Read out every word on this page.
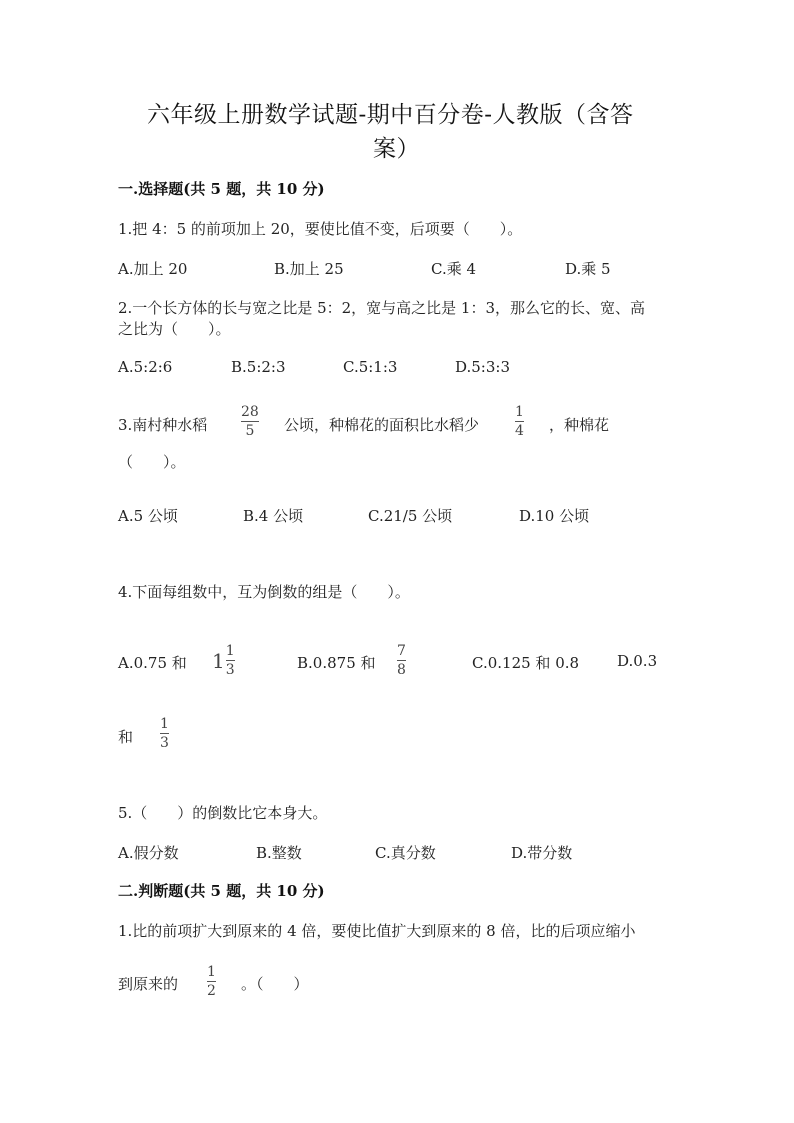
六年级上册数学试题-期中百分卷-人教版（含答
案）
一.选择题(共 5 题，共 10 分)
1.把 4：5 的前项加上 20，要使比值不变，后项要（　　）。
A.加上 20	B.加上 25	C.乘 4	D.乘 5
2.一个长方体的长与宽之比是 5：2，宽与高之比是 1：3，那么它的长、宽、高
之比为（　　）。
A.5:2:6	B.5:2:3	C.5:1:3	D.5:3:3
3.南村种水稻
28
5 公顷，种棉花的面积比水稻少
1
4 ，种棉花
（　　）。
A.5 公顷	B.4 公顷	C.21/5 公顷	D.10 公顷
4.下面每组数中，互为倒数的组是（　　）。
A.0.75 和 $1 \frac{1}{3}$	B.0.875 和
7
8	C.0.125 和 0.8	D.0.3
和
1
3
5.（　　）的倒数比它本身大。
A.假分数	B.整数	C.真分数	D.带分数
二.判断题(共 5 题，共 10 分)
1.比的前项扩大到原来的 4 倍，要使比值扩大到原来的 8 倍，比的后项应缩小
到原来的
1
2 。（　　）
